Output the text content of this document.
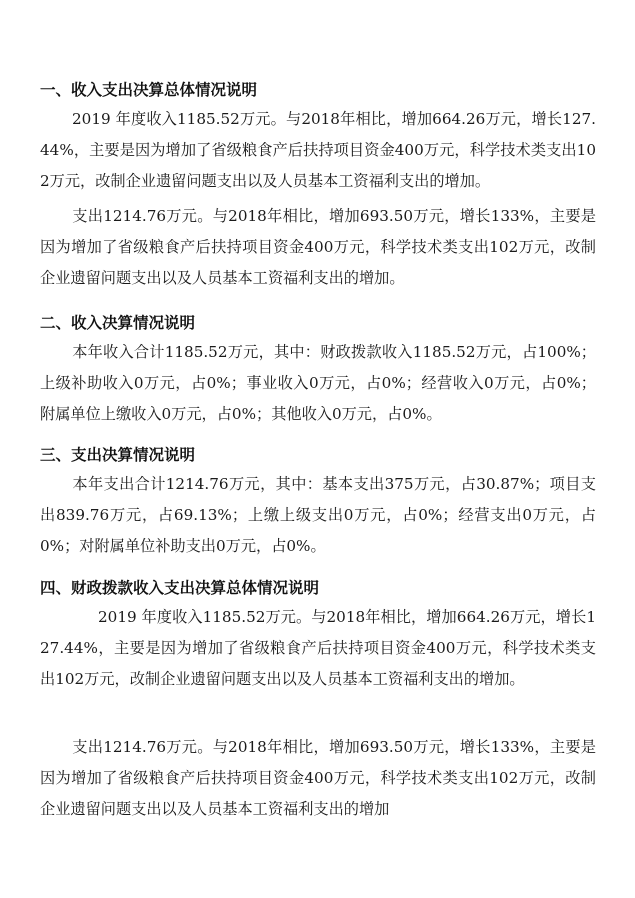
一、收入支出决算总体情况说明

2019 年度收入1185.52万元。与2018年相比，增加664.26万元，增长127.44%，主要是因为增加了省级粮食产后扶持项目资金400万元，科学技术类支出102万元，改制企业遗留问题支出以及人员基本工资福利支出的增加。

支出1214.76万元。与2018年相比，增加693.50万元，增长133%，主要是因为增加了省级粮食产后扶持项目资金400万元，科学技术类支出102万元，改制企业遗留问题支出以及人员基本工资福利支出的增加。

二、收入决算情况说明

本年收入合计1185.52万元，其中：财政拨款收入1185.52万元，占100%；上级补助收入0万元，占0%；事业收入0万元，占0%；经营收入0万元，占0%；附属单位上缴收入0万元，占0%；其他收入0万元，占0%。

三、支出决算情况说明

本年支出合计1214.76万元，其中：基本支出375万元，占30.87%；项目支出839.76万元，占69.13%；上缴上级支出0万元，占0%；经营支出0万元，占0%；对附属单位补助支出0万元，占0%。

四、财政拨款收入支出决算总体情况说明

2019 年度收入1185.52万元。与2018年相比，增加664.26万元，增长127.44%，主要是因为增加了省级粮食产后扶持项目资金400万元，科学技术类支出102万元，改制企业遗留问题支出以及人员基本工资福利支出的增加。

支出1214.76万元。与2018年相比，增加693.50万元，增长133%，主要是因为增加了省级粮食产后扶持项目资金400万元，科学技术类支出102万元，改制企业遗留问题支出以及人员基本工资福利支出的增加
